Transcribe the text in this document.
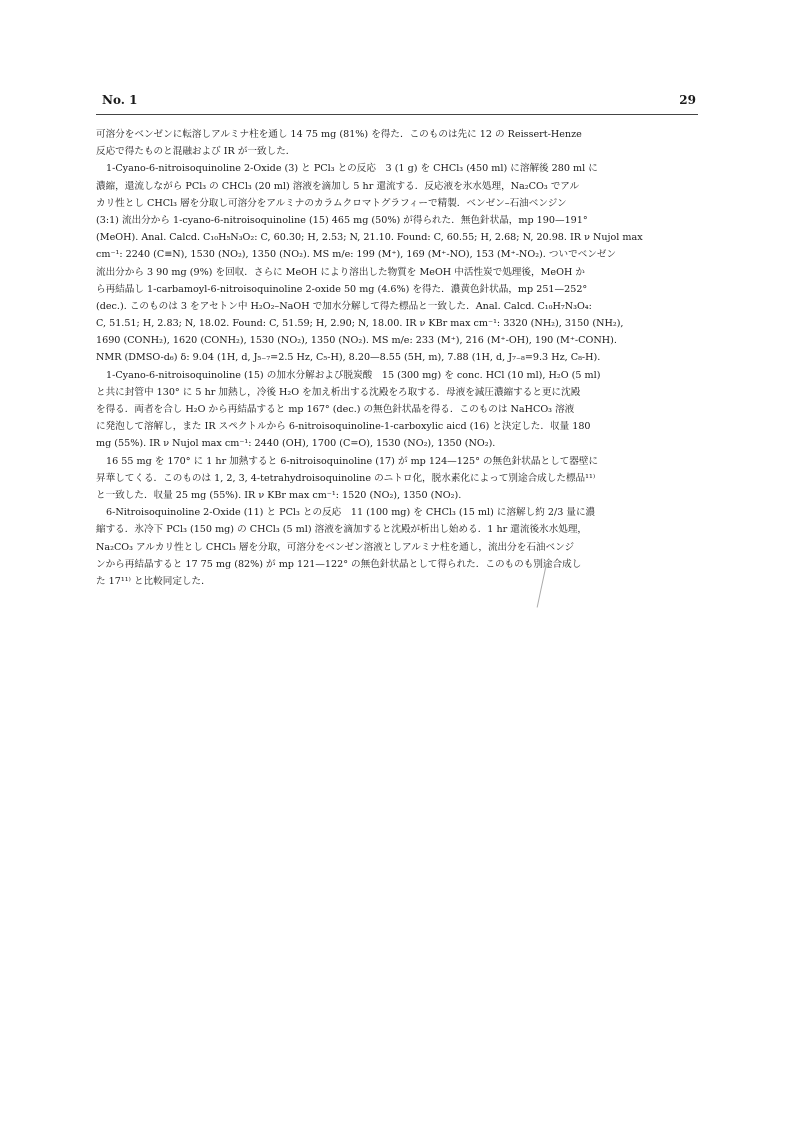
No. 1	29
可溶分をベンゼンに転溶しアルミナ柱を通し 14 75 mg (81%) を得た．このものは先に 12 の Reissert-Henze
反応で得たものと混融および IR が一致した．
1-Cyano-6-nitroisoquinoline 2-Oxide (3) と PCl₃ との反応　3 (1 g) を CHCl₃ (450 ml) に溶解後 280 ml に
濃縮，還流しながら PCl₃ の CHCl₃ (20 ml) 溶液を滴加し 5 hr 還流する．反応液を氷水処理，Na₂CO₃ でアル
カリ性とし CHCl₃ 層を分取し可溶分をアルミナのカラムクロマトグラフィーで精製．ベンゼン–石油ベンジン
(3:1) 流出分から 1-cyano-6-nitroisoquinoline (15) 465 mg (50%) が得られた．無色針状晶，mp 190—191°
(MeOH). Anal. Calcd. C₁₀H₅N₃O₂: C, 60.30; H, 2.53; N, 21.10. Found: C, 60.55; H, 2.68; N, 20.98. IR ν Nujol max
cm⁻¹: 2240 (C≡N), 1530 (NO₂), 1350 (NO₂). MS m/e: 199 (M⁺), 169 (M⁺-NO), 153 (M⁺-NO₂). ついでベンゼン
流出分から 3 90 mg (9%) を回収．さらに MeOH により溶出した物質を MeOH 中活性炭で処理後，MeOH か
ら再結晶し 1-carbamoyl-6-nitroisoquinoline 2-oxide 50 mg (4.6%) を得た．濃黄色針状晶，mp 251—252°
(dec.). このものは 3 をアセトン中 H₂O₂–NaOH で加水分解して得た標品と一致した．Anal. Calcd. C₁₀H₇N₃O₄:
C, 51.51; H, 2.83; N, 18.02. Found: C, 51.59; H, 2.90; N, 18.00. IR ν KBr max cm⁻¹: 3320 (NH₂), 3150 (NH₂),
1690 (CONH₂), 1620 (CONH₂), 1530 (NO₂), 1350 (NO₂). MS m/e: 233 (M⁺), 216 (M⁺-OH), 190 (M⁺-CONH).
NMR (DMSO-d₆) δ: 9.04 (1H, d, J₅₋₇=2.5 Hz, C₅-H), 8.20—8.55 (5H, m), 7.88 (1H, d, J₇₋₈=9.3 Hz, C₈-H).
1-Cyano-6-nitroisoquinoline (15) の加水分解および脱炭酸　15 (300 mg) を conc. HCl (10 ml), H₂O (5 ml)
と共に封管中 130° に 5 hr 加熱し，冷後 H₂O を加え析出する沈殿をろ取する．母液を減圧濃縮すると更に沈殿
を得る．両者を合し H₂O から再結晶すると mp 167° (dec.) の無色針状晶を得る．このものは NaHCO₃ 溶液
に発泡して溶解し，また IR スペクトルから 6-nitroisoquinoline-1-carboxylic aicd (16) と決定した．収量 180
mg (55%). IR ν Nujol max cm⁻¹: 2440 (OH), 1700 (C=O), 1530 (NO₂), 1350 (NO₂).
16 55 mg を 170° に 1 hr 加熱すると 6-nitroisoquinoline (17) が mp 124—125° の無色針状晶として器壁に
昇華してくる．このものは 1, 2, 3, 4-tetrahydroisoquinoline のニトロ化，脱水素化によって別途合成した標品¹¹⁾
と一致した．収量 25 mg (55%). IR ν KBr max cm⁻¹: 1520 (NO₂), 1350 (NO₂).
6-Nitroisoquinoline 2-Oxide (11) と PCl₃ との反応　11 (100 mg) を CHCl₃ (15 ml) に溶解し約 2/3 量に濃
縮する．氷冷下 PCl₃ (150 mg) の CHCl₃ (5 ml) 溶液を滴加すると沈殿が析出し始める．1 hr 還流後氷水処理，
Na₂CO₃ アルカリ性とし CHCl₃ 層を分取，可溶分をベンゼン溶液としアルミナ柱を通し，流出分を石油ベンジ
ンから再結晶すると 17 75 mg (82%) が mp 121—122° の無色針状晶として得られた．このものも別途合成し
た 17¹¹⁾ と比較同定した．
